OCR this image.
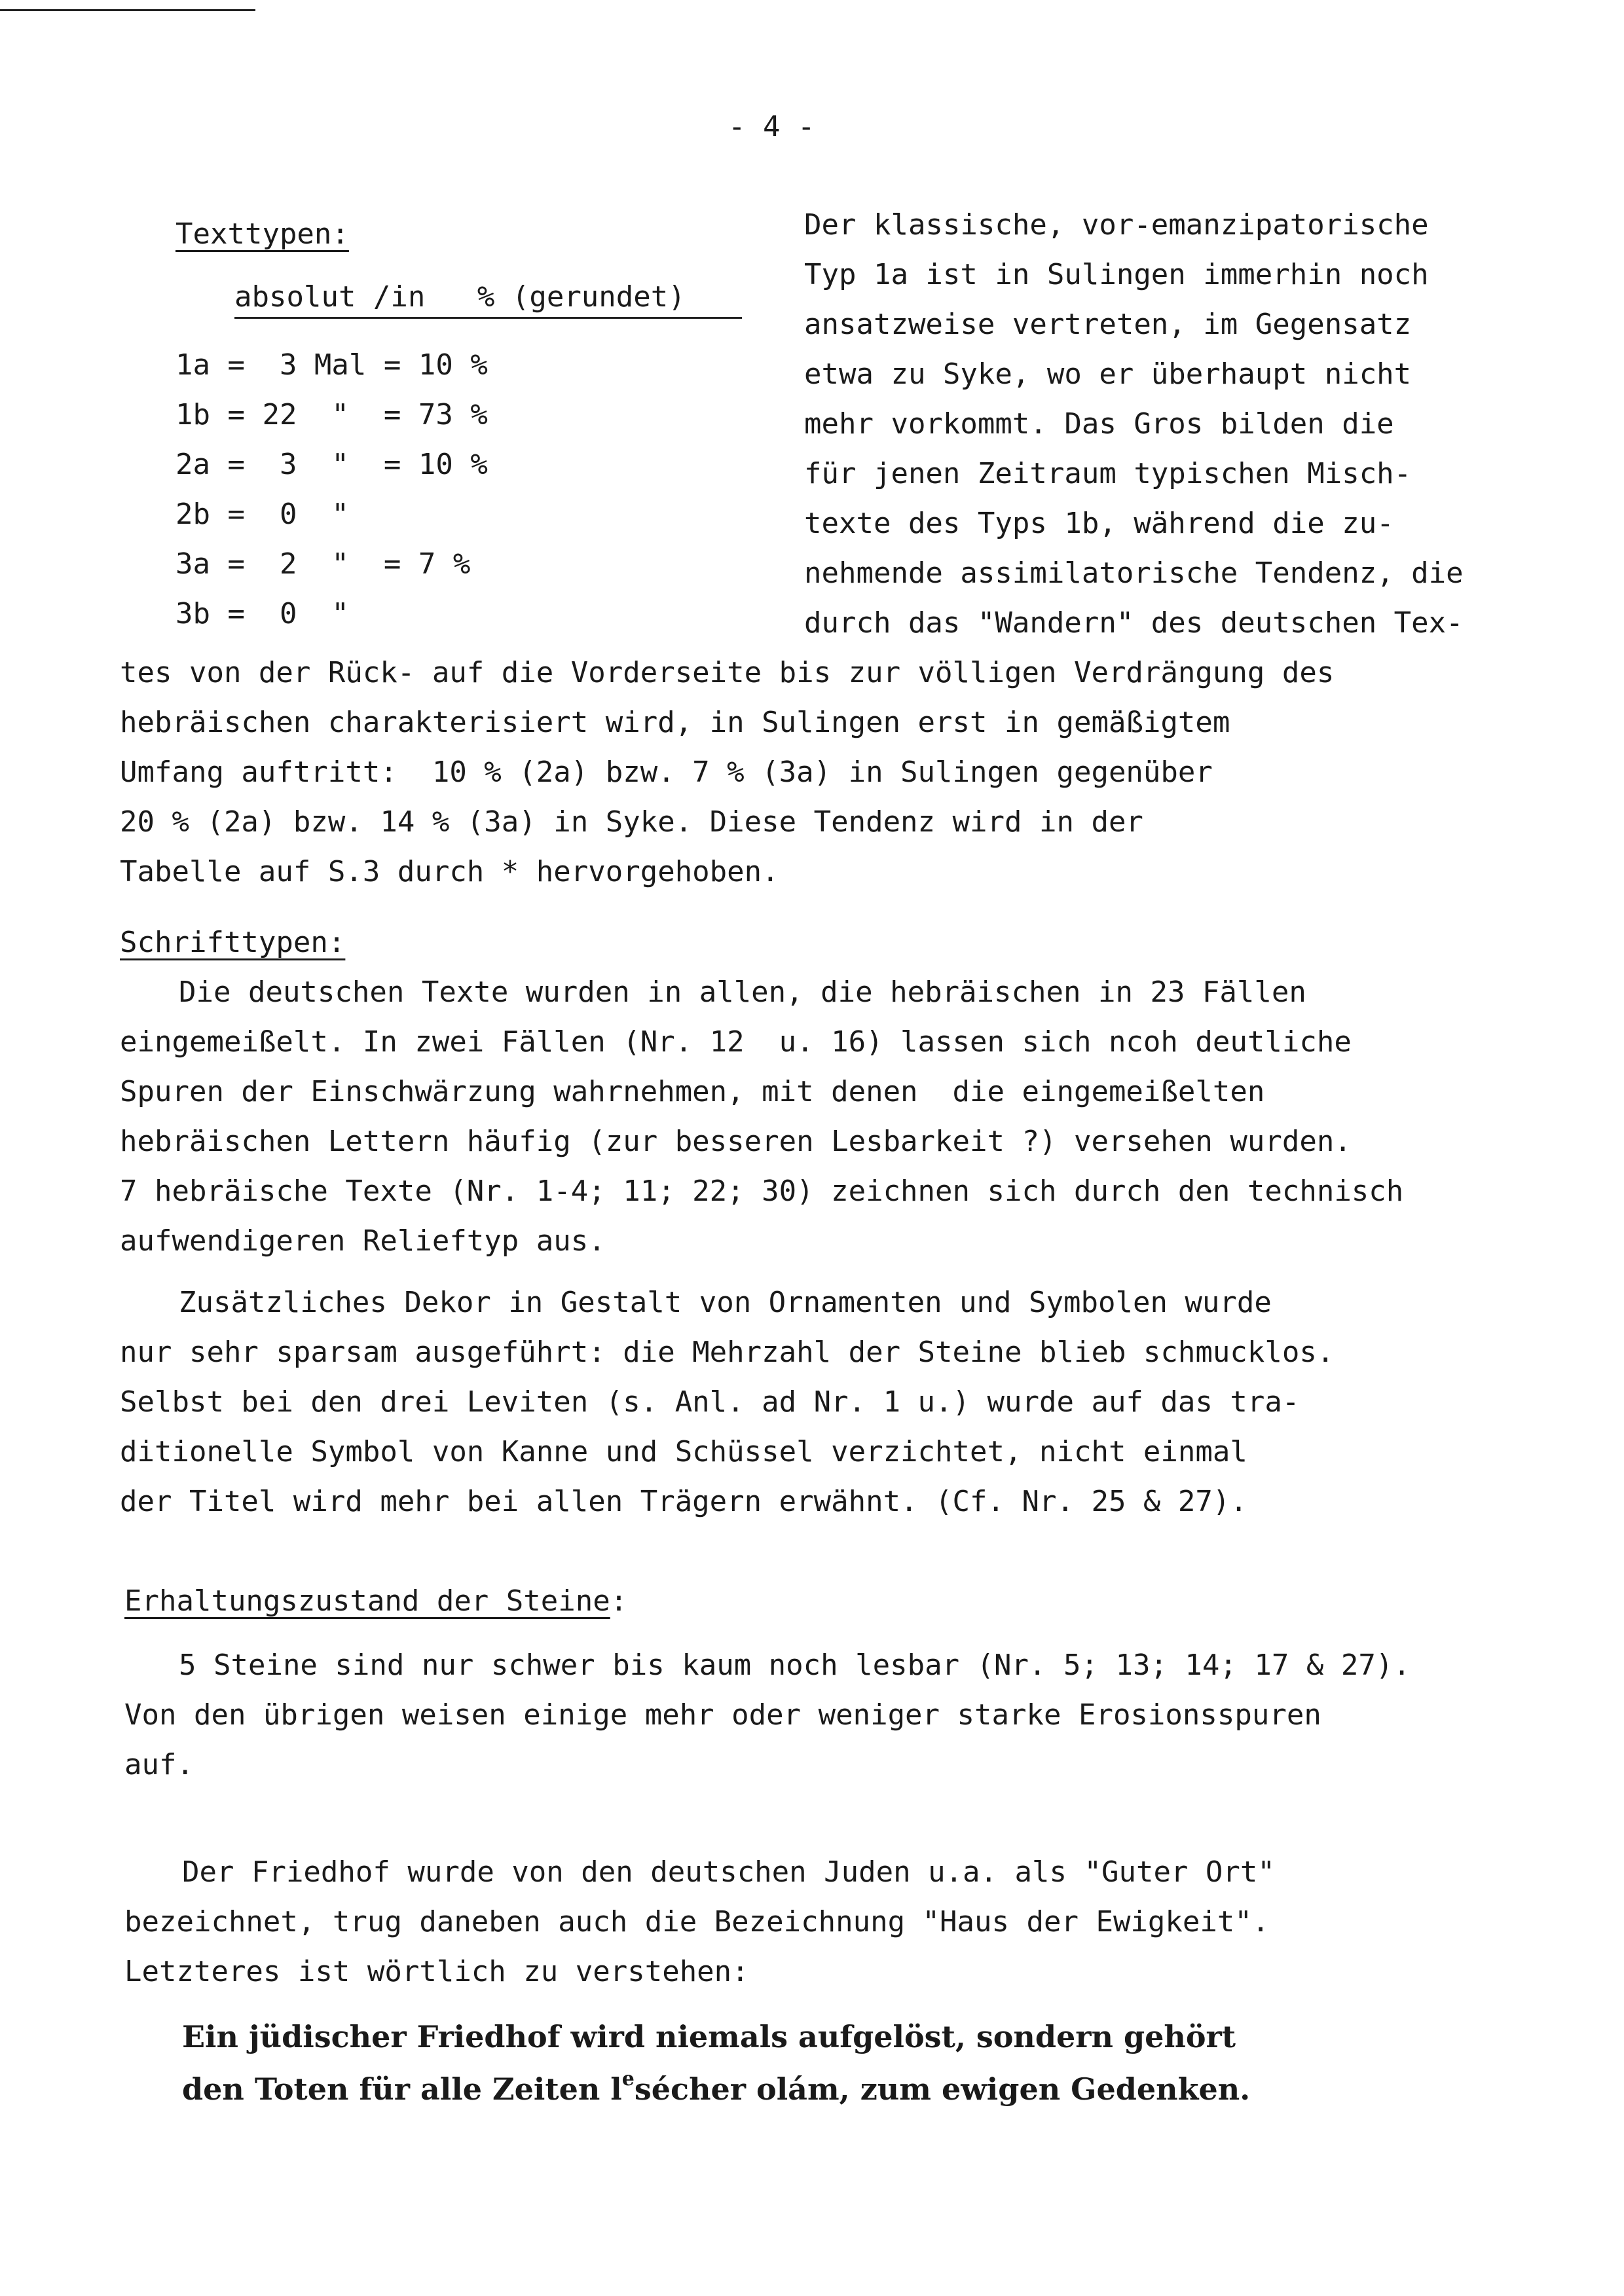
- 4 -
Texttypen:
absolut /in   % (gerundet)
1a =  3 Mal = 10 %
1b = 22  "  = 73 %
2a =  3  "  = 10 %
2b =  0  "
3a =  2  "  = 7 %
3b =  0  "
Der klassische, vor-emanzipatorische
Typ 1a ist in Sulingen immerhin noch
ansatzweise vertreten, im Gegensatz
etwa zu Syke, wo er überhaupt nicht
mehr vorkommt. Das Gros bilden die
für jenen Zeitraum typischen Misch-
texte des Typs 1b, während die zu-
nehmende assimilatorische Tendenz, die
durch das "Wandern" des deutschen Tex-
tes von der Rück- auf die Vorderseite bis zur völligen Verdrängung des
hebräischen charakterisiert wird, in Sulingen erst in gemäßigtem
Umfang auftritt:  10 % (2a) bzw. 7 % (3a) in Sulingen gegenüber
20 % (2a) bzw. 14 % (3a) in Syke. Diese Tendenz wird in der
Tabelle auf S.3 durch * hervorgehoben.
Schrifttypen:
Die deutschen Texte wurden in allen, die hebräischen in 23 Fällen
eingemeißelt. In zwei Fällen (Nr. 12  u. 16) lassen sich ncoh deutliche
Spuren der Einschwärzung wahrnehmen, mit denen  die eingemeißelten
hebräischen Lettern häufig (zur besseren Lesbarkeit ?) versehen wurden.
7 hebräische Texte (Nr. 1-4; 11; 22; 30) zeichnen sich durch den technisch
aufwendigeren Relieftyp aus.
Zusätzliches Dekor in Gestalt von Ornamenten und Symbolen wurde
nur sehr sparsam ausgeführt: die Mehrzahl der Steine blieb schmucklos.
Selbst bei den drei Leviten (s. Anl. ad Nr. 1 u.) wurde auf das tra-
ditionelle Symbol von Kanne und Schüssel verzichtet, nicht einmal
der Titel wird mehr bei allen Trägern erwähnt. (Cf. Nr. 25 & 27).
Erhaltungszustand der Steine:
5 Steine sind nur schwer bis kaum noch lesbar (Nr. 5; 13; 14; 17 & 27).
Von den übrigen weisen einige mehr oder weniger starke Erosionsspuren
auf.
Der Friedhof wurde von den deutschen Juden u.a. als "Guter Ort"
bezeichnet, trug daneben auch die Bezeichnung "Haus der Ewigkeit".
Letzteres ist wörtlich zu verstehen:
Ein jüdischer Friedhof wird niemals aufgelöst, sondern gehört
den Toten für alle Zeiten $l^esécher$ olám, zum ewigen Gedenken.
